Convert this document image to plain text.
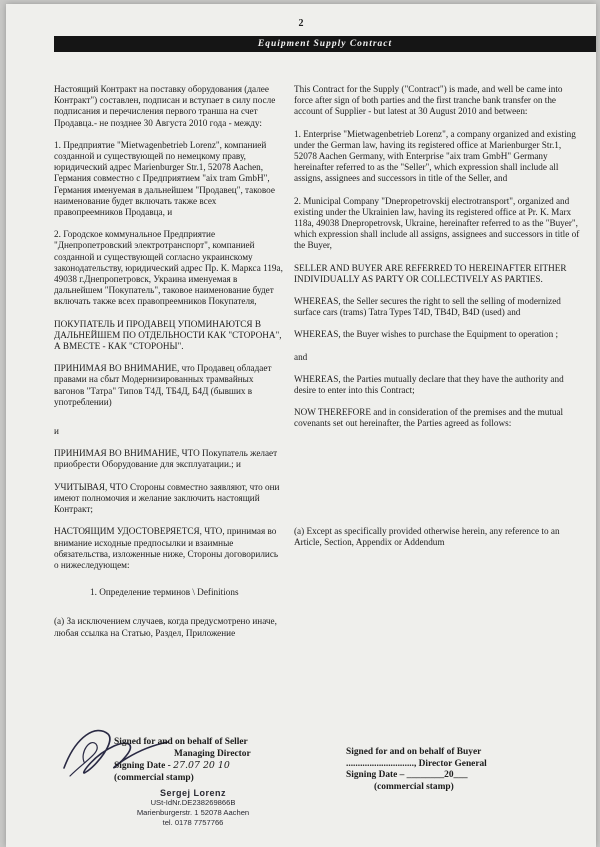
2
Equipment Supply Contract

Настоящий Контракт на поставку оборудования (далее Контракт") составлен, подписан и вступает в силу после подписания и перечисления первого транша на счет Продавца.- не позднее 30 Августа 2010 года - между:

1. Предприятие "Mietwagenbetrieb Lorenz", компанией созданной и существующей по немецкому праву, юридический адрес Marienburger Str.1, 52078 Aachen, Германия совместно с Предприятием "aix tram GmbH", Германия именуемая в дальнейшем "Продавец", таковое наименование будет включать также всех правопреемников Продавца, и

2. Городское коммунальное Предприятие "Днепропетровский электротранспорт", компанией созданной и существующей согласно украинскому законодательству, юридический адрес Пр. К. Маркса 119а, 49038 г.Днепропетровск, Украина именуемая в дальнейшем "Покупатель", таковое наименование будет включать также всех правопреемников Покупателя,

ПОКУПАТЕЛЬ И ПРОДАВЕЦ УПОМИНАЮТСЯ В ДАЛЬНЕЙШЕМ ПО ОТДЕЛЬНОСТИ КАК "СТОРОНА", А ВМЕСТЕ - КАК "СТОРОНЫ".

ПРИНИМАЯ ВО ВНИМАНИЕ, что Продавец обладает правами на сбыт Модернизированных трамвайных вагонов "Татра" Типов Т4Д, ТБ4Д, Б4Д (бывших в употреблении)

и

ПРИНИМАЯ ВО ВНИМАНИЕ, ЧТО Покупатель желает приобрести Оборудование для эксплуатации.; и

УЧИТЫВАЯ, ЧТО Стороны совместно заявляют, что они имеют полномочия и желание заключить настоящий Контракт;

НАСТОЯЩИМ УДОСТОВЕРЯЕТСЯ, ЧТО, принимая во внимание исходные предпосылки и взаимные обязательства, изложенные ниже, Стороны договорились о нижеследующем:

1. Определение терминов \ Definitions

(а) За исключением случаев, когда предусмотрено иначе, любая ссылка на Статью, Раздел, Приложение

This Contract for the Supply ("Contract") is made, and well be came into force after sign of both parties and the first tranche bank transfer on the account of Supplier - but latest at 30 August 2010 and between:

1. Enterprise "Mietwagenbetrieb Lorenz", a company organized and existing under the German law, having its registered office at Marienburger Str.1, 52078 Aachen Germany, with Enterprise "aix tram GmbH" Germany hereinafter referred to as the "Seller", which expression shall include all assigns, assignees and successors in title of the Seller, and

2. Municipal Company "Dnepropetrovskij electrotransport", organized and existing under the Ukrainien law, having its registered office at Pr. K. Marx 118a, 49038 Dnepropetrovsk, Ukraine, hereinafter referred to as the "Buyer", which expression shall include all assigns, assignees and successors in title of the Buyer,

SELLER AND BUYER ARE REFERRED TO HEREINAFTER EITHER INDIVIDUALLY AS PARTY OR COLLECTIVELY AS PARTIES.

WHEREAS, the Seller secures the right to sell the selling of modernized surface cars (trams) Tatra Types T4D, TB4D, B4D (used) and

WHEREAS, the Buyer wishes to purchase the Equipment to operation ;

and

WHEREAS, the Parties mutually declare that they have the authority and desire to enter into this Contract;

NOW THEREFORE and in consideration of the premises and the mutual covenants set out hereinafter, the Parties agreed as follows:

(a) Except as specifically provided otherwise herein, any reference to an Article, Section, Appendix or Addendum

Signed for and on behalf of Seller
Managing Director
Signing Date - 27.07 20 10
(commercial stamp)
Sergej Lorenz
USt-IdNr.DE238269866B
Marienburgerstr. 1 52078 Aachen
tel. 0178 7757766
Signed for and on behalf of Buyer
............................., Director General
Signing Date – ________20___
(commercial stamp)
